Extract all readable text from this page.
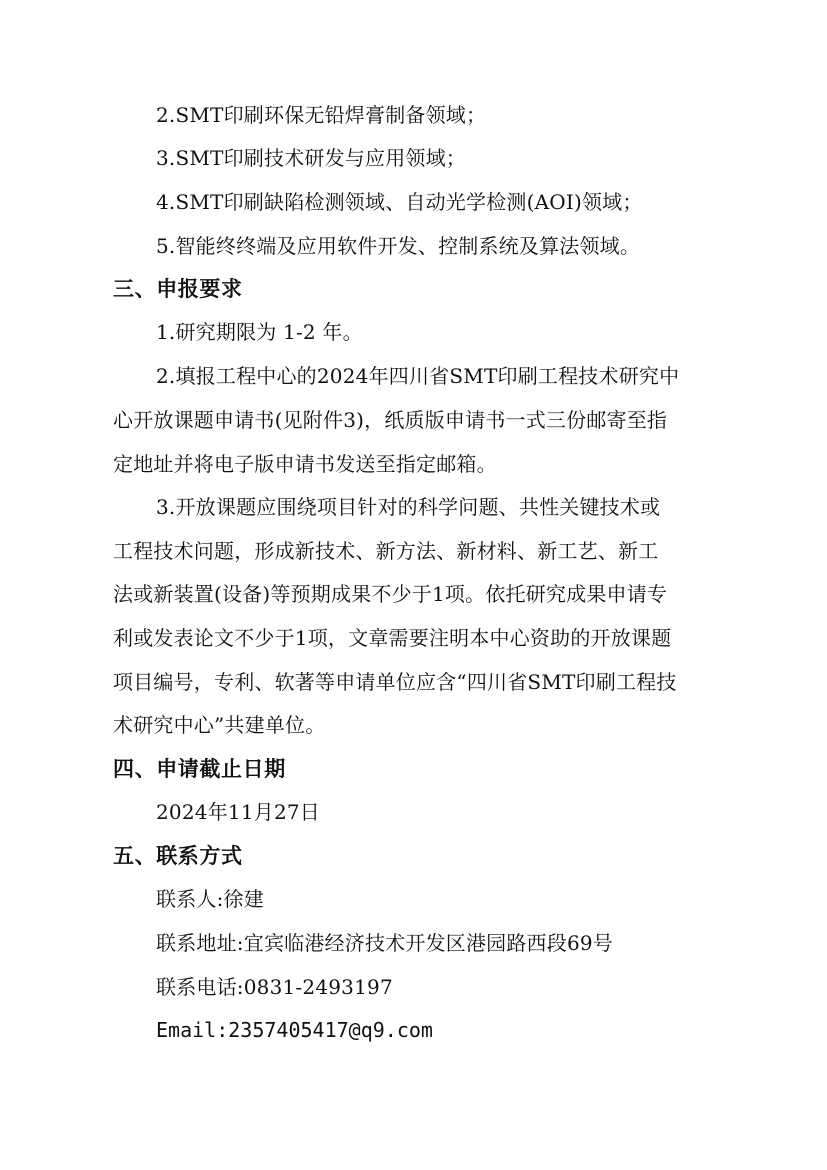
2.SMT印刷环保无铅焊膏制备领域；
3.SMT印刷技术研发与应用领域；
4.SMT印刷缺陷检测领域、自动光学检测(AOI)领域；
5.智能终终端及应用软件开发、控制系统及算法领域。
三、申报要求
1.研究期限为 1-2 年。
2.填报工程中心的2024年四川省SMT印刷工程技术研究中
心开放课题申请书(见附件3)，纸质版申请书一式三份邮寄至指
定地址并将电子版申请书发送至指定邮箱。
3.开放课题应围绕项目针对的科学问题、共性关键技术或
工程技术问题，形成新技术、新方法、新材料、新工艺、新工
法或新装置(设备)等预期成果不少于1项。依托研究成果申请专
利或发表论文不少于1项，文章需要注明本中心资助的开放课题
项目编号，专利、软著等申请单位应含“四川省SMT印刷工程技
术研究中心”共建单位。
四、申请截止日期
2024年11月27日
五、联系方式
联系人:徐建
联系地址:宜宾临港经济技术开发区港园路西段69号
联系电话:0831-2493197
Email:2357405417@q9.com
